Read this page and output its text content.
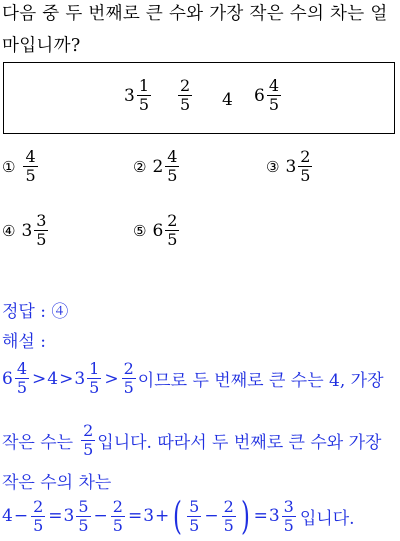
다음 중 두 번째로 큰 수와 가장 작은 수의 차는 얼
마입니까?
$3 \frac{1}{5} \frac{2}{5} 4$ $6 \frac{4}{5}$
① $\frac{4}{5}$	② $2 \frac{4}{5}$	③ $3 \frac{2}{5}$
④ $3 \frac{3}{5}$	⑤ $6 \frac{2}{5}$
정답 : ④
해설 :
$6 \frac{4}{5} > 4 > 3 \frac{1}{5} > \frac{2}{5}$ 이므로 두 번째로 큰 수는 4, 가장
작은 수는 $\frac{2}{5}$ 입니다. 따라서 두 번째로 큰 수와 가장
작은 수의 차는
$4 - \frac{2}{5} = 3 \frac{5}{5} - \frac{2}{5} = 3$ + ( $\frac{5}{5} - \frac{2}{5}$ ) = $3 \frac{3}{5}$ 입니다.
